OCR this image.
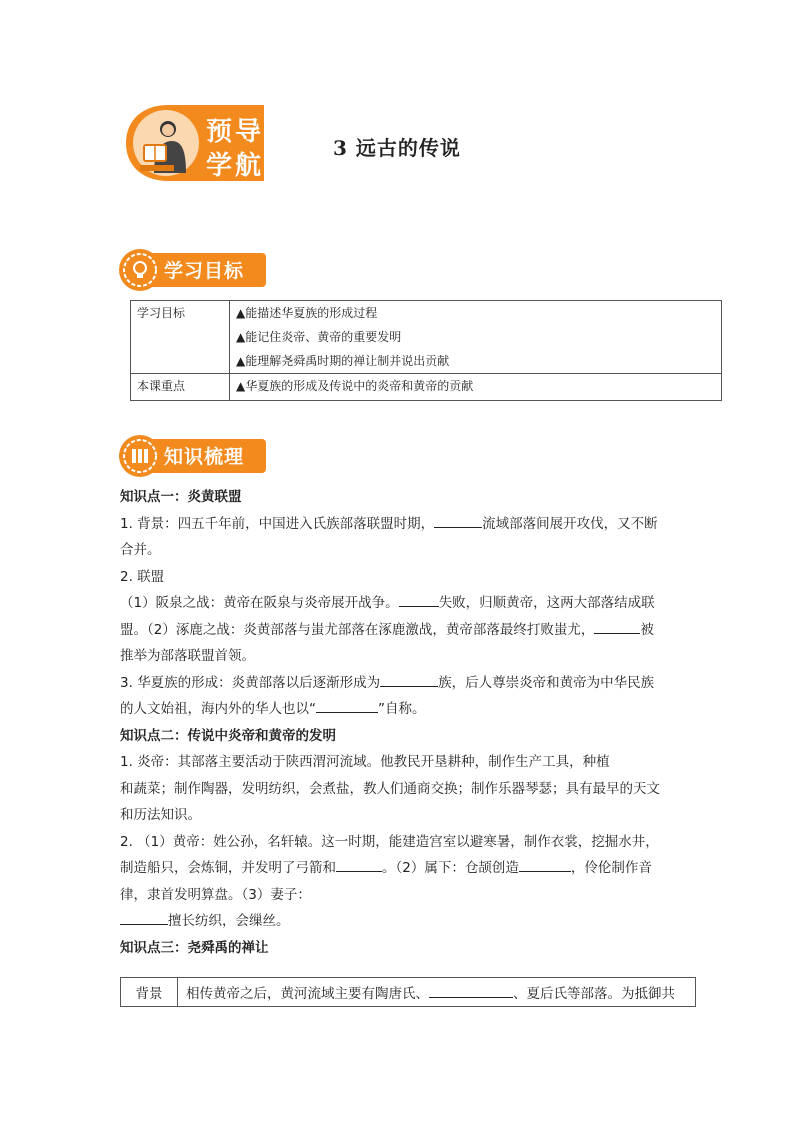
预导
学航
3 远古的传说
学习目标
学习目标	▲能描述华夏族的形成过程
▲能记住炎帝、黄帝的重要发明
▲能理解尧舜禹时期的禅让制并说出贡献

本课重点	▲华夏族的形成及传说中的炎帝和黄帝的贡献
知识梳理
知识点一：炎黄联盟
1. 背景：四五千年前，中国进入氏族部落联盟时期，	流域部落间展开攻伐，又不断
合并。
2. 联盟
（1）阪泉之战：黄帝在阪泉与炎帝展开战争。	失败，归顺黄帝，这两大部落结成联
盟。（2）涿鹿之战：炎黄部落与蚩尤部落在涿鹿激战，黄帝部落最终打败蚩尤，	被
推举为部落联盟首领。
3. 华夏族的形成：炎黄部落以后逐渐形成为	族，后人尊崇炎帝和黄帝为中华民族
的人文始祖，海内外的华人也以“	”自称。
知识点二：传说中炎帝和黄帝的发明
1. 炎帝：其部落主要活动于陕西渭河流域。他教民开垦耕种，制作生产工具，种植
和蔬菜；制作陶器，发明纺织，会煮盐，教人们通商交换；制作乐器琴瑟；具有最早的天文
和历法知识。
2. （1）黄帝：姓公孙，名轩辕。这一时期，能建造宫室以避寒暑，制作衣裳，挖掘水井，
制造船只，会炼铜，并发明了弓箭和	。（2）属下：仓颉创造	，伶伦制作音
律，隶首发明算盘。（3）妻子：
擅长纺织，会缫丝。
知识点三：尧舜禹的禅让
背景	相传黄帝之后，黄河流域主要有陶唐氏、	、夏后氏等部落。为抵御共
